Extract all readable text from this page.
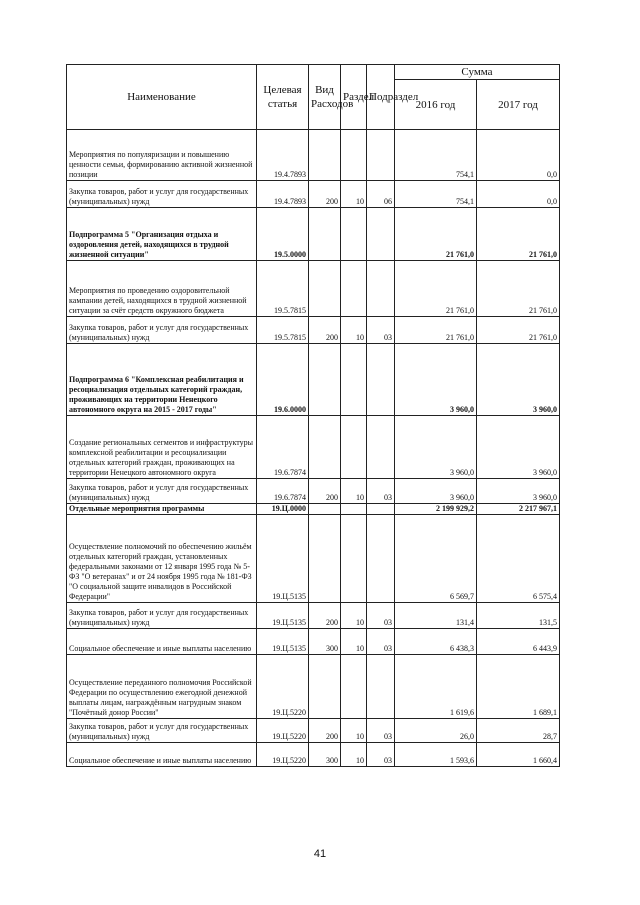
Наименование	Целевая статья	Вид Расходов	Раздел	Подраздел	Сумма	
					2016 год	2017 год
Мероприятия по популяризации и повышению ценности семьи, формированию активной жизненной позиции	19.4.7893				754,1	0,0
Закупка товаров, работ и услуг для государственных (муниципальных) нужд	19.4.7893	200	10	06	754,1	0,0
Подпрограмма 5 "Организация отдыха и оздоровления детей, находящихся в трудной жизненной ситуации"	19.5.0000				21 761,0	21 761,0
Мероприятия по проведению оздоровительной кампании детей, находящихся в трудной жизненной ситуации за счёт средств окружного бюджета	19.5.7815				21 761,0	21 761,0
Закупка товаров, работ и услуг для государственных (муниципальных) нужд	19.5.7815	200	10	03	21 761,0	21 761,0
Подпрограмма 6 "Комплексная реабилитация и ресоциализация отдельных категорий граждан, проживающих на территории Ненецкого автономного округа на 2015 - 2017 годы"	19.6.0000				3 960,0	3 960,0
Создание региональных сегментов и инфраструктуры комплексной реабилитации и ресоциализации отдельных категорий граждан, проживающих на территории Ненецкого автономного округа	19.6.7874				3 960,0	3 960,0
Закупка товаров, работ и услуг для государственных (муниципальных) нужд	19.6.7874	200	10	03	3 960,0	3 960,0
Отдельные мероприятия программы	19.Ц.0000				2 199 929,2	2 217 967,1
Осуществление полномочий по обеспечению жильём отдельных категорий граждан, установленных федеральными законами от 12 января 1995 года № 5-ФЗ "О ветеранах" и от 24 ноября 1995 года № 181-ФЗ "О социальной защите инвалидов в Российской Федерации"	19.Ц.5135				6 569,7	6 575,4
Закупка товаров, работ и услуг для государственных (муниципальных) нужд	19.Ц.5135	200	10	03	131,4	131,5
Социальное обеспечение и иные выплаты населению	19.Ц.5135	300	10	03	6 438,3	6 443,9
Осуществление переданного полномочия Российской Федерации по осуществлению ежегодной денежной выплаты лицам, награждённым нагрудным знаком "Почётный донор России"	19.Ц.5220				1 619,6	1 689,1
Закупка товаров, работ и услуг для государственных (муниципальных) нужд	19.Ц.5220	200	10	03	26,0	28,7
Социальное обеспечение и иные выплаты населению	19.Ц.5220	300	10	03	1 593,6	1 660,4
41
